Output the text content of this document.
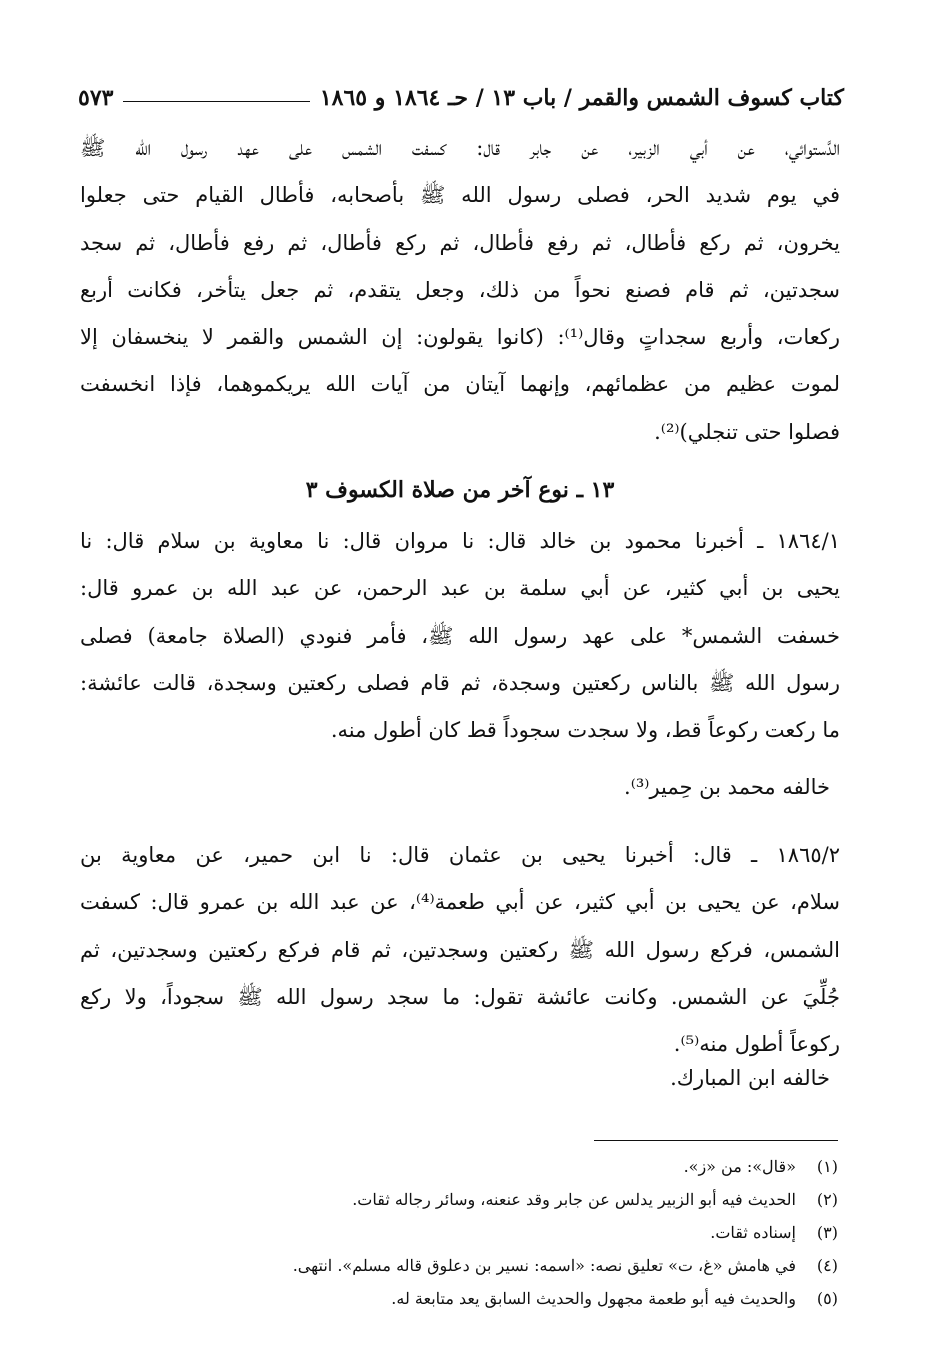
كتاب كسوف الشمس والقمر / باب ١٣ / حـ ١٨٦٤ و ١٨٦٥
٥٧٣
الدَّستوائي، عن أبي الزبير، عن جابر قال: كسفت الشمس على عهد رسول الله ﷺ
في يوم شديد الحر، فصلى رسول الله ﷺ بأصحابه، فأطال القيام حتى جعلوا
يخرون، ثم ركع فأطال، ثم رفع فأطال، ثم ركع فأطال، ثم رفع فأطال، ثم سجد
سجدتين، ثم قام فصنع نحواً من ذلك، وجعل يتقدم، ثم جعل يتأخر، فكانت أربع
ركعات، وأربع سجداتٍ وقال⁽¹⁾: (كانوا يقولون: إن الشمس والقمر لا ينخسفان إلا
لموت عظيم من عظمائهم، وإنهما آيتان من آيات الله يريكموهما، فإذا انخسفت
فصلوا حتى تنجلي)⁽²⁾.
١٣ ـ نوع آخر من صلاة الكسوف ٣
١٨٦٤/١ ـ أخبرنا محمود بن خالد قال: نا مروان قال: نا معاوية بن سلام قال: نا
يحيى بن أبي كثير، عن أبي سلمة بن عبد الرحمن، عن عبد الله بن عمرو قال:
خسفت الشمس* على عهد رسول الله ﷺ، فأمر فنودي (الصلاة جامعة) فصلى
رسول الله ﷺ بالناس ركعتين وسجدة، ثم قام فصلى ركعتين وسجدة، قالت عائشة:
ما ركعت ركوعاً قط، ولا سجدت سجوداً قط كان أطول منه.
خالفه محمد بن حِمير⁽³⁾.
١٨٦٥/٢ ـ قال: أخبرنا يحيى بن عثمان قال: نا ابن حمير، عن معاوية بن
سلام، عن يحيى بن أبي كثير، عن أبي طعمة⁽⁴⁾، عن عبد الله بن عمرو قال: كسفت
الشمس، فركع رسول الله ﷺ ركعتين وسجدتين، ثم قام فركع ركعتين وسجدتين، ثم
جُلِّيَ عن الشمس. وكانت عائشة تقول: ما سجد رسول الله ﷺ سجوداً، ولا ركع
ركوعاً أطول منه⁽⁵⁾.
خالفه ابن المبارك.
(١)
«قال»: من «ز».
(٢)
الحديث فيه أبو الزبير يدلس عن جابر وقد عنعنه، وسائر رجاله ثقات.
(٣)
إسناده ثقات.
(٤)
في هامش «غ، ت» تعليق نصه: «اسمه: نسير بن دعلوق قاله مسلم». انتهى.
(٥)
والحديث فيه أبو طعمة مجهول والحديث السابق يعد متابعة له.
